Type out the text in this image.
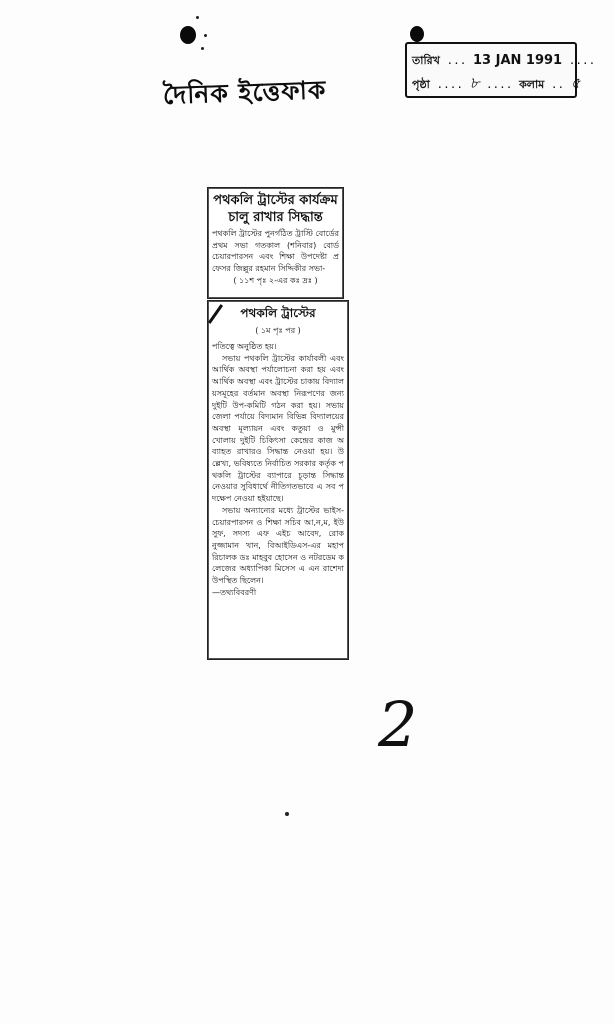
দৈনিক ইত্তেফাক
তারিখ ... 13 JAN 1991 ....
পৃষ্ঠা .... ৮ .... কলাম .. ৫
পথকলি ট্রাস্টের কার্যক্রম চালু রাখার সিদ্ধান্ত
পথকলি ট্রাস্টের পুনর্গঠিত ট্রাস্টি বোর্ডের প্রথম সভা গতকাল (শনিবার) বোর্ড চেয়ারপারসন এবং শিক্ষা উপদেষ্টা প্রফেসর জিল্লুর রহমান সিদ্দিকীর সভা-
( ১১শ পৃঃ ২-এর কঃ দ্রঃ )
পথকলি ট্রাস্টের
( ১ম পৃঃ পর )
পতিত্বে অনুষ্ঠিত হয়।
সভায় পথকলি ট্রাস্টের কার্যাবলী এবং আর্থিক অবস্থা পর্যালোচনা করা হয় এবং আর্থিক অবস্থা এবং ট্রাস্টের চাকায় বিদ্যালয়সমূহের বর্তমান অবস্থা নিরূপণের জন্য দুইটি উপ-কমিটি গঠন করা হয়। সভায় জেলা পর্যায়ে বিদ্যমান বিভিন্ন বিদ্যালয়ের অবস্থা মূল্যায়ন এবং কতুয়া ও মুন্সী খোলায় দুইটি চিকিৎসা কেন্দ্রের কাজ অব্যাহত রাখারও সিদ্ধান্ত নেওয়া হয়। উল্লেখ্য, ভবিষ্যতে নির্বাচিত সরকার কর্তৃক পথকলি ট্রাস্টের ব্যাপারে চূড়ান্ত সিদ্ধান্ত নেওয়ার সুবিধার্থে নীতিগতভাবে এ সব পদক্ষেপ নেওয়া হইয়াছে।
সভায় অন্যান্যের মধ্যে ট্রাস্টের ভাইস-চেয়ারপারসন ও শিক্ষা সচিব আ,ন,ম, ইউসুফ, সদস্য এফ এইচ আবেদ, রোকনুজ্জামান খান, বিআইডিএস-এর মহাপরিচালক ডঃ মাহবুব হোসেন ও নটরডেম কলেজের অধ্যাপিকা মিসেস এ এন রাশেদা উপস্থিত ছিলেন।
—তথ্যবিবরণী
2
